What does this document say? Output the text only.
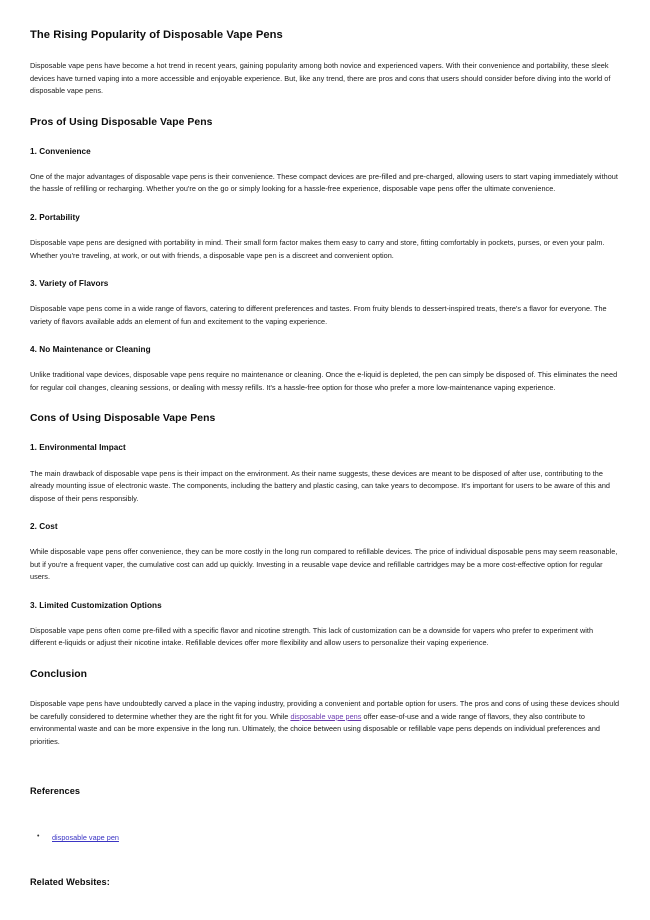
The Rising Popularity of Disposable Vape Pens

Disposable vape pens have become a hot trend in recent years, gaining popularity among both novice and experienced vapers. With their convenience and portability, these sleek devices have turned vaping into a more accessible and enjoyable experience. But, like any trend, there are pros and cons that users should consider before diving into the world of disposable vape pens.

Pros of Using Disposable Vape Pens
1. Convenience

One of the major advantages of disposable vape pens is their convenience. These compact devices are pre-filled and pre-charged, allowing users to start vaping immediately without the hassle of refilling or recharging. Whether you're on the go or simply looking for a hassle-free experience, disposable vape pens offer the ultimate convenience.

2. Portability

Disposable vape pens are designed with portability in mind. Their small form factor makes them easy to carry and store, fitting comfortably in pockets, purses, or even your palm. Whether you're traveling, at work, or out with friends, a disposable vape pen is a discreet and convenient option.

3. Variety of Flavors

Disposable vape pens come in a wide range of flavors, catering to different preferences and tastes. From fruity blends to dessert-inspired treats, there's a flavor for everyone. The variety of flavors available adds an element of fun and excitement to the vaping experience.

4. No Maintenance or Cleaning

Unlike traditional vape devices, disposable vape pens require no maintenance or cleaning. Once the e-liquid is depleted, the pen can simply be disposed of. This eliminates the need for regular coil changes, cleaning sessions, or dealing with messy refills. It's a hassle-free option for those who prefer a more low-maintenance vaping experience.

Cons of Using Disposable Vape Pens
1. Environmental Impact

The main drawback of disposable vape pens is their impact on the environment. As their name suggests, these devices are meant to be disposed of after use, contributing to the already mounting issue of electronic waste. The components, including the battery and plastic casing, can take years to decompose. It's important for users to be aware of this and dispose of their pens responsibly.

2. Cost

While disposable vape pens offer convenience, they can be more costly in the long run compared to refillable devices. The price of individual disposable pens may seem reasonable, but if you're a frequent vaper, the cumulative cost can add up quickly. Investing in a reusable vape device and refillable cartridges may be a more cost-effective option for regular users.

3. Limited Customization Options

Disposable vape pens often come pre-filled with a specific flavor and nicotine strength. This lack of customization can be a downside for vapers who prefer to experiment with different e-liquids or adjust their nicotine intake. Refillable devices offer more flexibility and allow users to personalize their vaping experience.

Conclusion

Disposable vape pens have undoubtedly carved a place in the vaping industry, providing a convenient and portable option for users. The pros and cons of using these devices should be carefully considered to determine whether they are the right fit for you. While disposable vape pens offer ease-of-use and a wide range of flavors, they also contribute to environmental waste and can be more expensive in the long run. Ultimately, the choice between using disposable or refillable vape pens depends on individual preferences and priorities.

References
• disposable vape pen
Related Websites:
